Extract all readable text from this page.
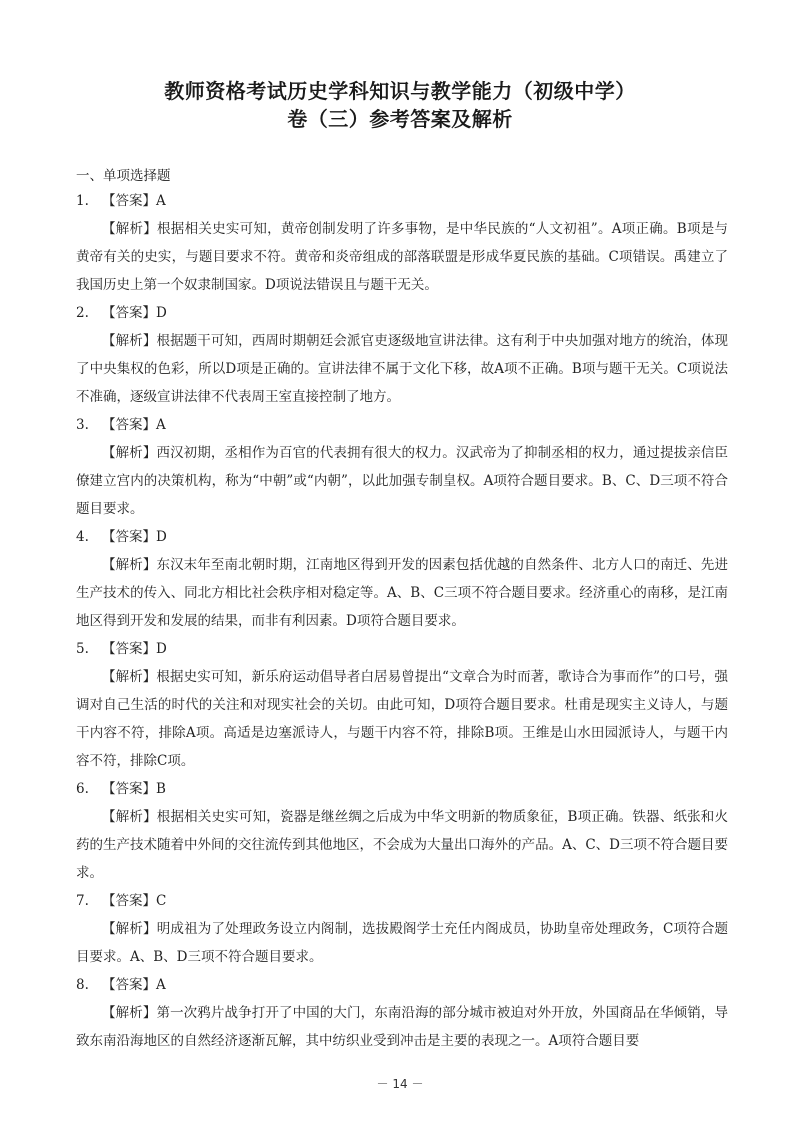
教师资格考试历史学科知识与教学能力（初级中学）
卷（三）参考答案及解析
一、单项选择题
1. 【答案】A

【解析】根据相关史实可知，黄帝创制发明了许多事物，是中华民族的“人文初祖”。A项正确。B项是与黄帝有关的史实，与题目要求不符。黄帝和炎帝组成的部落联盟是形成华夏民族的基础。C项错误。禹建立了我国历史上第一个奴隶制国家。D项说法错误且与题干无关。

2. 【答案】D

【解析】根据题干可知，西周时期朝廷会派官吏逐级地宣讲法律。这有利于中央加强对地方的统治，体现了中央集权的色彩，所以D项是正确的。宣讲法律不属于文化下移，故A项不正确。B项与题干无关。C项说法不准确，逐级宣讲法律不代表周王室直接控制了地方。

3. 【答案】A

【解析】西汉初期，丞相作为百官的代表拥有很大的权力。汉武帝为了抑制丞相的权力，通过提拔亲信臣僚建立宫内的决策机构，称为“中朝”或“内朝”，以此加强专制皇权。A项符合题目要求。B、C、D三项不符合题目要求。

4. 【答案】D

【解析】东汉末年至南北朝时期，江南地区得到开发的因素包括优越的自然条件、北方人口的南迁、先进生产技术的传入、同北方相比社会秩序相对稳定等。A、B、C三项不符合题目要求。经济重心的南移，是江南地区得到开发和发展的结果，而非有利因素。D项符合题目要求。

5. 【答案】D

【解析】根据史实可知，新乐府运动倡导者白居易曾提出“文章合为时而著，歌诗合为事而作”的口号，强调对自己生活的时代的关注和对现实社会的关切。由此可知，D项符合题目要求。杜甫是现实主义诗人，与题干内容不符，排除A项。高适是边塞派诗人，与题干内容不符，排除B项。王维是山水田园派诗人，与题干内容不符，排除C项。

6. 【答案】B

【解析】根据相关史实可知，瓷器是继丝绸之后成为中华文明新的物质象征，B项正确。铁器、纸张和火药的生产技术随着中外间的交往流传到其他地区，不会成为大量出口海外的产品。A、C、D三项不符合题目要求。

7. 【答案】C

【解析】明成祖为了处理政务设立内阁制，选拔殿阁学士充任内阁成员，协助皇帝处理政务，C项符合题目要求。A、B、D三项不符合题目要求。

8. 【答案】A

【解析】第一次鸦片战争打开了中国的大门，东南沿海的部分城市被迫对外开放，外国商品在华倾销，导致东南沿海地区的自然经济逐渐瓦解，其中纺织业受到冲击是主要的表现之一。A项符合题目要

－ 14 －
